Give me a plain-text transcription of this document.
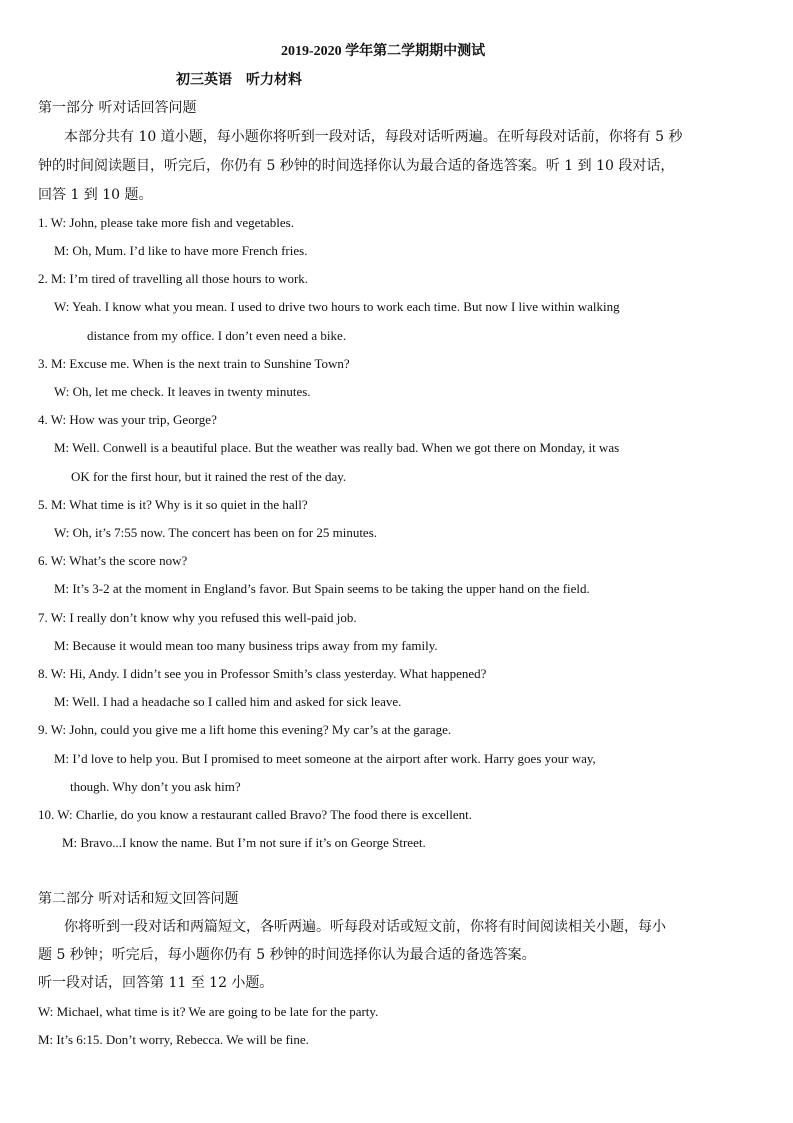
2019-2020 学年第二学期期中测试
初三英语　听力材料
第一部分 听对话回答问题
本部分共有 10 道小题，每小题你将听到一段对话，每段对话听两遍。在听每段对话前，你将有 5 秒
钟的时间阅读题目，听完后，你仍有 5 秒钟的时间选择你认为最合适的备选答案。听 1 到 10 段对话，
回答 1 到 10 题。
1. W: John, please take more fish and vegetables.
M: Oh, Mum. I’d like to have more French fries.
2. M: I’m tired of travelling all those hours to work.
W: Yeah. I know what you mean. I used to drive two hours to work each time. But now I live within walking
distance from my office. I don’t even need a bike.
3. M: Excuse me. When is the next train to Sunshine Town?
W: Oh, let me check. It leaves in twenty minutes.
4. W: How was your trip, George?
M: Well. Conwell is a beautiful place. But the weather was really bad. When we got there on Monday, it was
OK for the first hour, but it rained the rest of the day.
5. M: What time is it? Why is it so quiet in the hall?
W: Oh, it’s 7:55 now. The concert has been on for 25 minutes.
6. W: What’s the score now?
M: It’s 3-2 at the moment in England’s favor. But Spain seems to be taking the upper hand on the field.
7. W: I really don’t know why you refused this well-paid job.
M: Because it would mean too many business trips away from my family.
8. W: Hi, Andy. I didn’t see you in Professor Smith’s class yesterday. What happened?
M: Well. I had a headache so I called him and asked for sick leave.
9. W: John, could you give me a lift home this evening? My car’s at the garage.
M: I’d love to help you. But I promised to meet someone at the airport after work. Harry goes your way,
though. Why don’t you ask him?
10. W: Charlie, do you know a restaurant called Bravo? The food there is excellent.
M: Bravo...I know the name. But I’m not sure if it’s on George Street.
第二部分 听对话和短文回答问题
你将听到一段对话和两篇短文，各听两遍。听每段对话或短文前，你将有时间阅读相关小题，每小
题 5 秒钟；听完后，每小题你仍有 5 秒钟的时间选择你认为最合适的备选答案。
听一段对话，回答第 11 至 12 小题。
W: Michael, what time is it? We are going to be late for the party.
M: It’s 6:15. Don’t worry, Rebecca. We will be fine.
